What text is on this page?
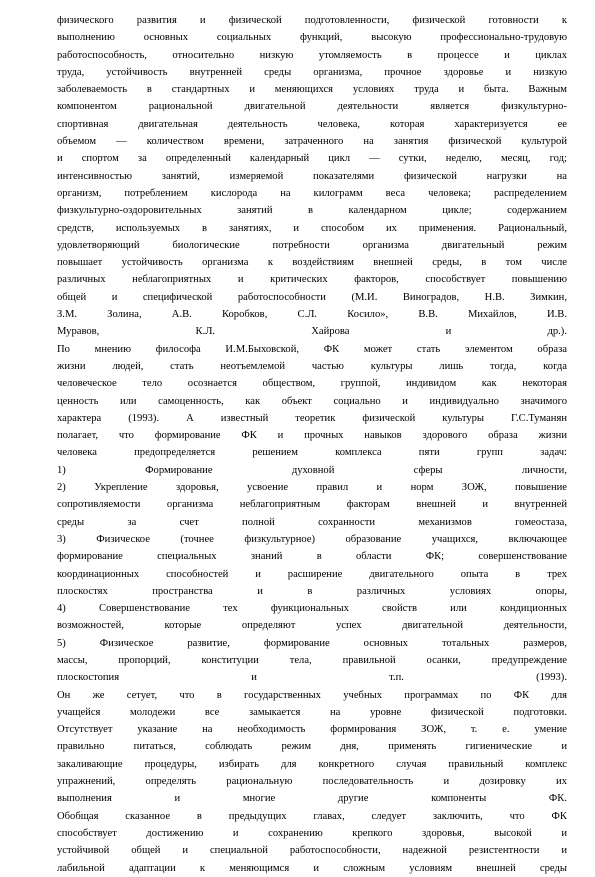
физического развития и физической подготовленности, физической готовности к
выполнению основных социальных функций, высокую профессионально-трудовую
работоспособность, относительно низкую утомляемость в процессе и циклах
труда, устойчивость внутренней среды организма, прочное здоровье и низкую
заболеваемость в стандартных и меняющихся условиях труда и быта. Важным
компонентом рациональной двигательной деятельности является физкультурно-
спортивная двигательная деятельность человека, которая характеризуется ее
объемом — количеством времени, затраченного на занятия физической культурой
и спортом за определенный календарный цикл — сутки, неделю, месяц, год;
интенсивностью занятий, измеряемой показателями физической нагрузки на
организм, потреблением кислорода на килограмм веса человека; распределением
физкультурно-оздоровительных занятий в календарном цикле; содержанием
средств, используемых в занятиях, и способом их применения. Рациональный,
удовлетворяющий биологические потребности организма двигательный режим
повышает устойчивость организма к воздействиям внешней среды, в том числе
различных неблагоприятных и критических факторов, способствует повышению
общей и специфической работоспособности (М.И. Виноградов, Н.В. Зимкин,
З.М. Золина, А.В. Коробков, С.Л. Косило», В.В. Михайлов, И.В.
Муравов, К.Л. Хайрова и др.).
По мнению философа И.М.Быховской, ФК может стать элементом образа
жизни людей, стать неотъемлемой частью культуры лишь тогда, когда
человеческое тело осознается обществом, группой, индивидом как некоторая
ценность или самоценность, как объект социально и индивидуально значимого
характера (1993). А известный теоретик физической культуры Г.С.Туманян
полагает, что формирование ФК и прочных навыков здорового образа жизни
человека предопределяется решением комплекса пяти групп задач:
1) Формирование духовной сферы личности,
2) Укрепление здоровья, усвоение правил и норм ЗОЖ, повышение
сопротивляемости организма неблагоприятным факторам внешней и внутренней
среды за счет полной сохранности механизмов гомеостаза,
3) Физическое (точнее физкультурное) образование учащихся, включающее
формирование специальных знаний в области ФК; совершенствование
координационных способностей и расширение двигательного опыта в трех
плоскостях пространства и в различных условиях опоры,
4) Совершенствование тех функциональных свойств или кондиционных
возможностей, которые определяют успех двигательной деятельности,
5) Физическое развитие, формирование основных тотальных размеров,
массы, пропорций, конституции тела, правильной осанки, предупреждение
плоскостопия и т.п. (1993).
Он же сетует, что в государственных учебных программах по ФК для
учащейся молодежи все замыкается на уровне физической подготовки.
Отсутствует указание на необходимость формирования ЗОЖ, т. е. умение
правильно питаться, соблюдать режим дня, применять гигиенические и
закаливающие процедуры, избирать для конкретного случая правильный комплекс
упражнений, определять рациональную последовательность и дозировку их
выполнения и многие другие компоненты ФК.
Обобщая сказанное в предыдущих главах, следует заключить, что ФК
способствует достижению и сохранению крепкого здоровья, высокой и
устойчивой общей и специальной работоспособности, надежной резистентности и
лабильной адаптации к меняющимся и сложным условиям внешней среды
